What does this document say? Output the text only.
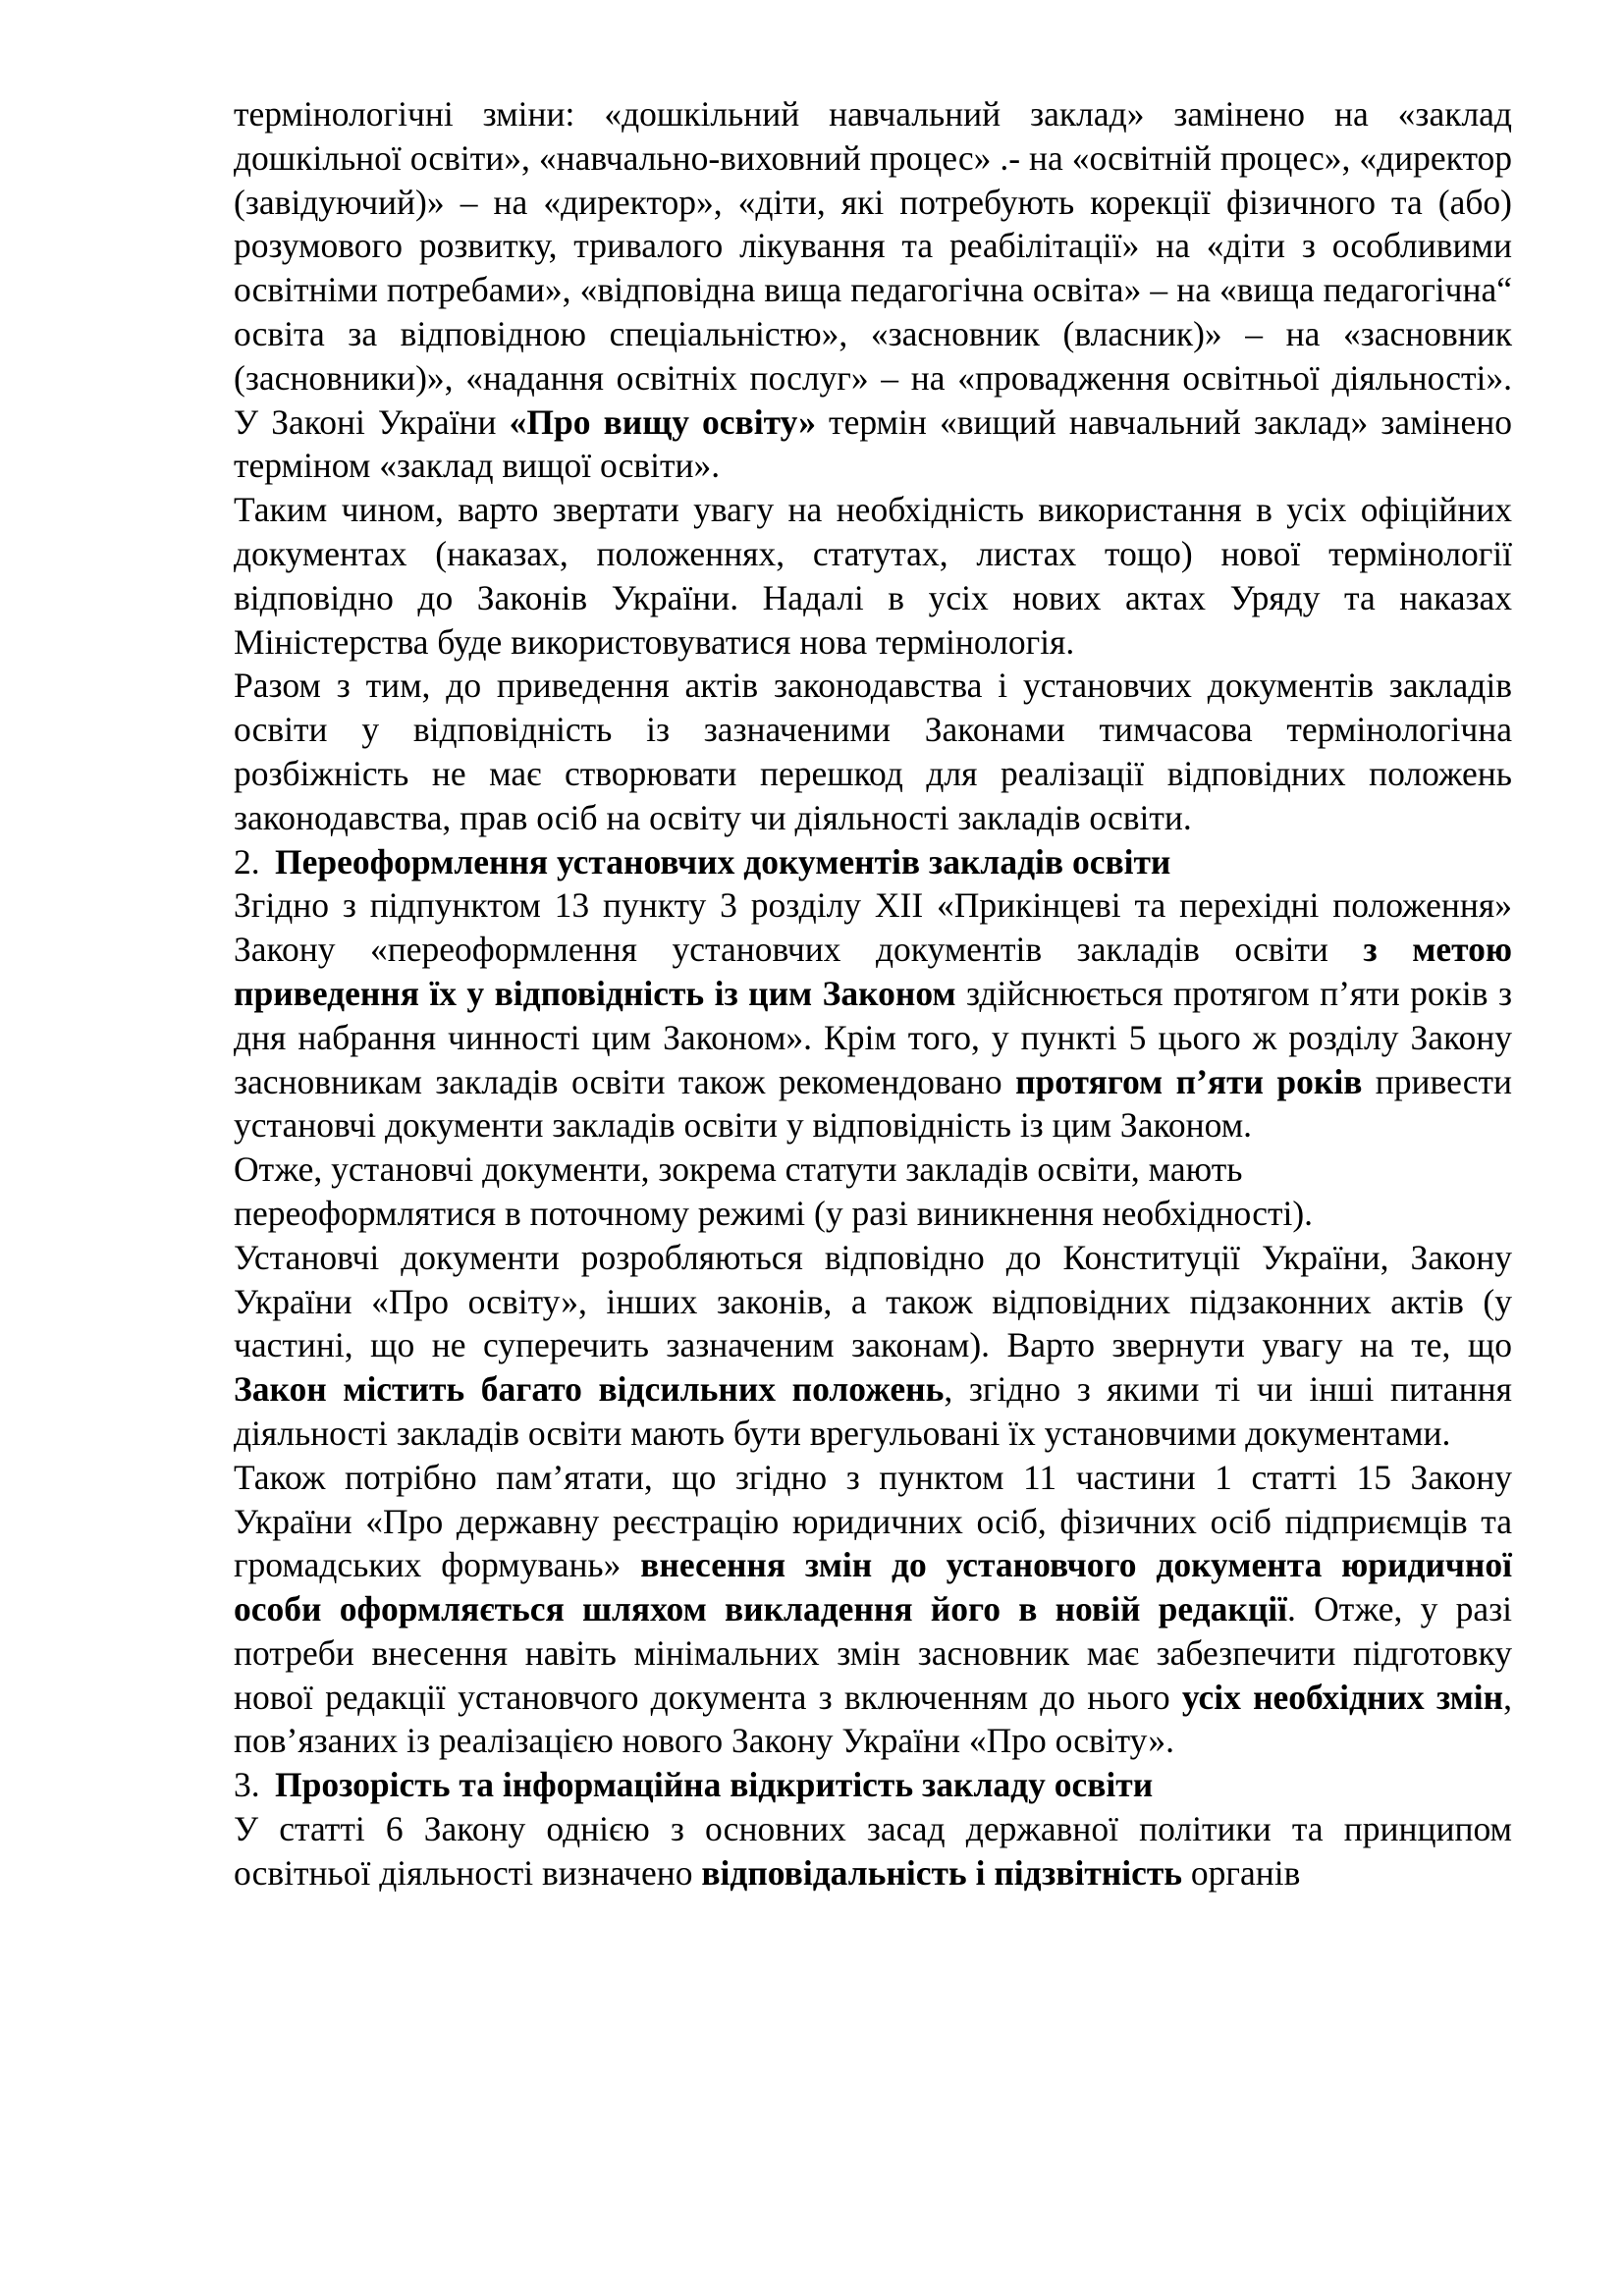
термінологічні зміни: «дошкільний навчальний заклад» замінено на «заклад дошкільної освіти», «навчально-виховний процес» .- на «освітній процес», «директор (завідуючий)» – на «директор», «діти, які потребують корекції фізичного та (або) розумового розвитку, тривалого лікування та реабілітації» на «діти з особливими освітніми потребами», «відповідна вища педагогічна освіта» – на «вища педагогічна“ освіта за відповідною спеціальністю», «засновник (власник)» – на «засновник (засновники)», «надання освітніх послуг» – на «провадження освітньої діяльності». У Законі України «Про вищу освіту» термін «вищий навчальний заклад» замінено терміном «заклад вищої освіти».

Таким чином, варто звертати увагу на необхідність використання в усіх офіційних документах (наказах, положеннях, статутах, листах тощо) нової термінології відповідно до Законів України. Надалі в усіх нових актах Уряду та наказах Міністерства буде використовуватися нова термінологія.

Разом з тим, до приведення актів законодавства і установчих документів закладів освіти у відповідність із зазначеними Законами тимчасова термінологічна розбіжність не має створювати перешкод для реалізації відповідних положень законодавства, прав осіб на освіту чи діяльності закладів освіти.

2. Переоформлення установчих документів закладів освіти

Згідно з підпунктом 13 пункту 3 розділу XII «Прикінцеві та перехідні положення» Закону «переоформлення установчих документів закладів освіти з метою приведення їх у відповідність із цим Законом здійснюється протягом п’яти років з дня набрання чинності цим Законом». Крім того, у пункті 5 цього ж розділу Закону засновникам закладів освіти також рекомендовано протягом п’яти років привести установчі документи закладів освіти у відповідність із цим Законом.

Отже, установчі документи, зокрема статути закладів освіти, мають
переоформлятися в поточному режимі (у разі виникнення необхідності).

Установчі документи розробляються відповідно до Конституції України, Закону України «Про освіту», інших законів, а також відповідних підзаконних актів (у частині, що не суперечить зазначеним законам). Варто звернути увагу на те, що Закон містить багато відсильних положень, згідно з якими ті чи інші питання діяльності закладів освіти мають бути врегульовані їх установчими документами.

Також потрібно пам’ятати, що згідно з пунктом 11 частини 1 статті 15 Закону України «Про державну реєстрацію юридичних осіб, фізичних осіб підприємців та громадських формувань» внесення змін до установчого документа юридичної особи оформляється шляхом викладення його в новій редакції. Отже, у разі потреби внесення навіть мінімальних змін засновник має забезпечити підготовку нової редакції установчого документа з включенням до нього усіх необхідних змін, пов’язаних із реалізацією нового Закону України «Про освіту».

3. Прозорість та інформаційна відкритість закладу освіти

У статті 6 Закону однією з основних засад державної політики та принципом освітньої діяльності визначено відповідальність і підзвітність органів
